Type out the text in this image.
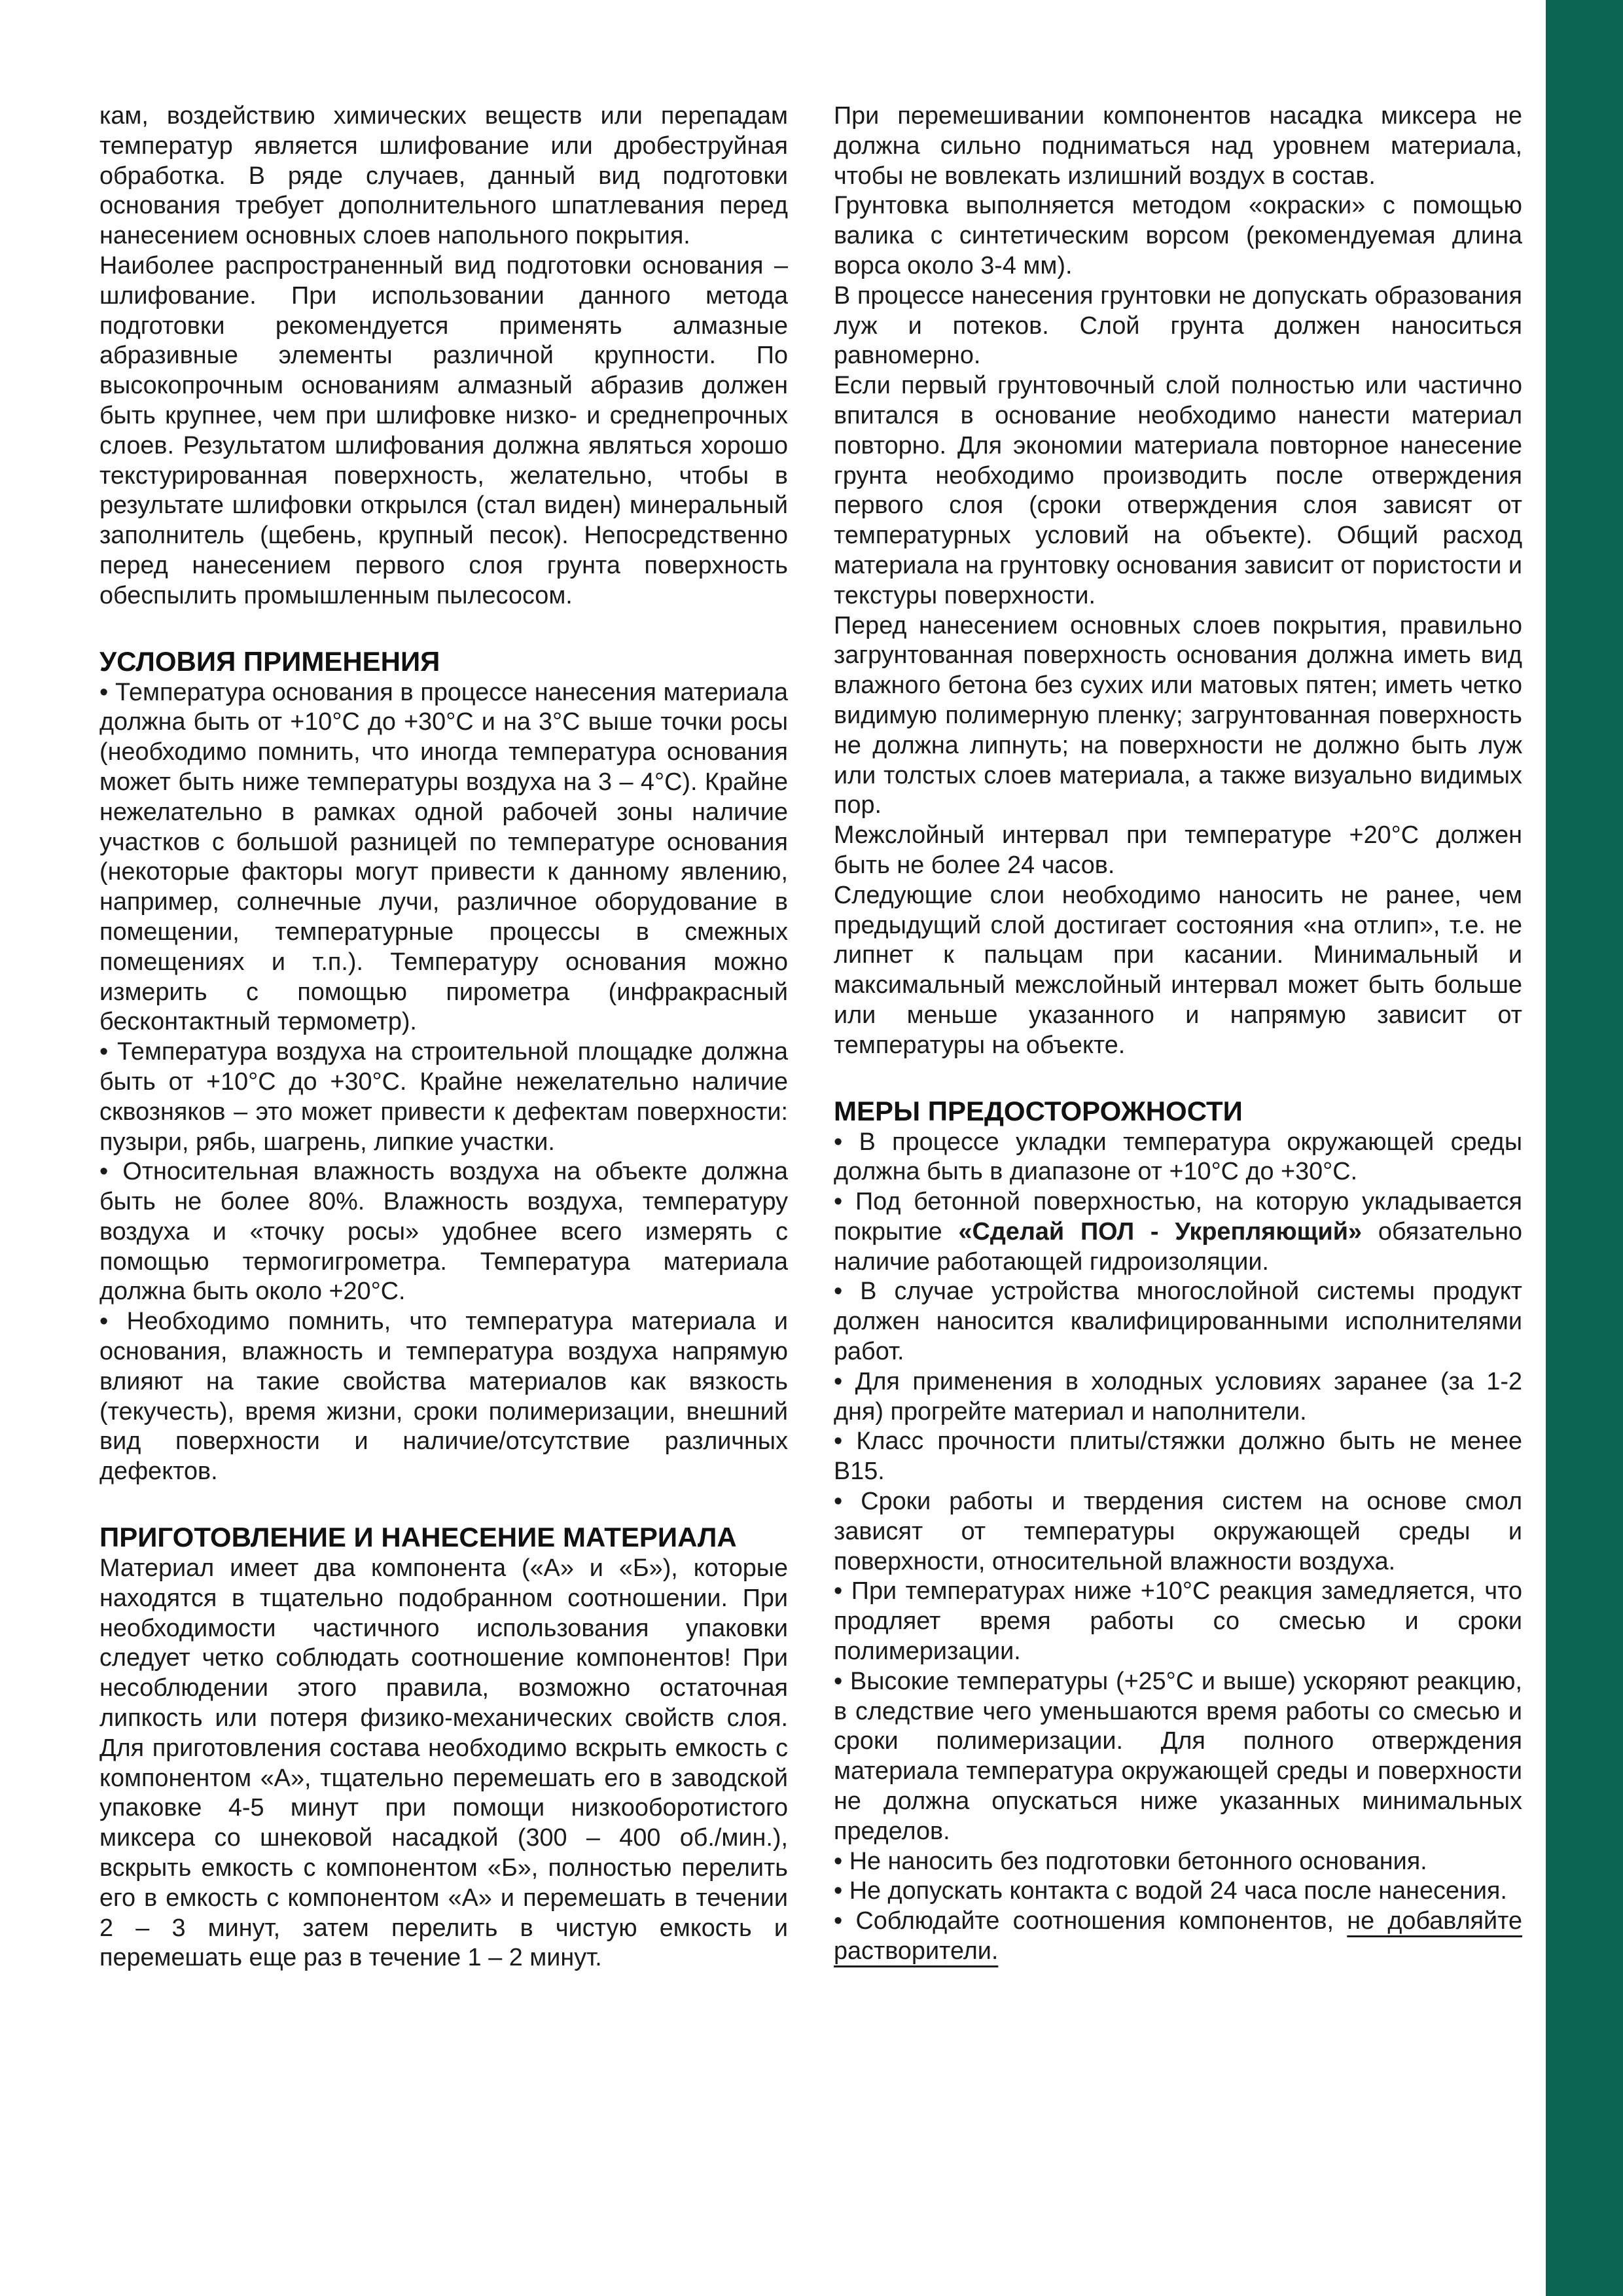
кам, воздействию химических веществ или перепадам температур является шлифование или дробеструйная обработка. В ряде случаев, данный вид подготовки основания требует дополнительного шпатлевания перед нанесением основных слоев напольного покрытия.

Наиболее распространенный вид подготовки основания – шлифование. При использовании данного метода подготовки рекомендуется применять алмазные абразивные элементы различной крупности. По высокопрочным основаниям алмазный абразив должен быть крупнее, чем при шлифовке низко- и среднепрочных слоев. Результатом шлифования должна являться хорошо текстурированная поверхность, желательно, чтобы в результате шлифовки открылся (стал виден) минеральный заполнитель (щебень, крупный песок). Непосредственно перед нанесением первого слоя грунта поверхность обеспылить промышленным пылесосом.

УСЛОВИЯ ПРИМЕНЕНИЯ

• Температура основания в процессе нанесения материала должна быть от +10°С до +30°С и на 3°С выше точки росы (необходимо помнить, что иногда температура основания может быть ниже температуры воздуха на 3 – 4°С). Крайне нежелательно в рамках одной рабочей зоны наличие участков с большой разницей по температуре основания (некоторые факторы могут привести к данному явлению, например, солнечные лучи, различное оборудование в помещении, температурные процессы в смежных помещениях и т.п.). Температуру основания можно измерить с помощью пирометра (инфракрасный бесконтактный термометр).

• Температура воздуха на строительной площадке должна быть от +10°С до +30°С. Крайне нежелательно наличие сквозняков – это может привести к дефектам поверхности: пузыри, рябь, шагрень, липкие участки.

• Относительная влажность воздуха на объекте должна быть не более 80%. Влажность воздуха, температуру воздуха и «точку росы» удобнее всего измерять с помощью термогигрометра. Температура материала должна быть около +20°С.

• Необходимо помнить, что температура материала и основания, влажность и температура воздуха напрямую влияют на такие свойства материалов как вязкость (текучесть), время жизни, сроки полимеризации, внешний вид поверхности и наличие/отсутствие различных дефектов.

ПРИГОТОВЛЕНИЕ И НАНЕСЕНИЕ МАТЕРИАЛА

Материал имеет два компонента («А» и «Б»), которые находятся в тщательно подобранном соотношении. При необходимости частичного использования упаковки следует четко соблюдать соотношение компонентов! При несоблюдении этого правила, возможно остаточная липкость или потеря физико-механических свойств слоя. Для приготовления состава необходимо вскрыть емкость с компонентом «А», тщательно перемешать его в заводской упаковке 4-5 минут при помощи низкооборотистого миксера со шнековой насадкой (300 – 400 об./мин.), вскрыть емкость с компонентом «Б», полностью перелить его в емкость с компонентом «А» и перемешать в течении 2 – 3 минут, затем перелить в чистую емкость и перемешать еще раз в течение 1 – 2 минут.

При перемешивании компонентов насадка миксера не должна сильно подниматься над уровнем материала, чтобы не вовлекать излишний воздух в состав.

Грунтовка выполняется методом «окраски» с помощью валика с синтетическим ворсом (рекомендуемая длина ворса около 3-4 мм).

В процессе нанесения грунтовки не допускать образования луж и потеков. Слой грунта должен наноситься равномерно.

Если первый грунтовочный слой полностью или частично впитался в основание необходимо нанести материал повторно. Для экономии материала повторное нанесение грунта необходимо производить после отверждения первого слоя (сроки отверждения слоя зависят от температурных условий на объекте). Общий расход материала на грунтовку основания зависит от пористости и текстуры поверхности.

Перед нанесением основных слоев покрытия, правильно загрунтованная поверхность основания должна иметь вид влажного бетона без сухих или матовых пятен; иметь четко видимую полимерную пленку; загрунтованная поверхность не должна липнуть; на поверхности не должно быть луж или толстых слоев материала, а также визуально видимых пор.

Межслойный интервал при температуре +20°С должен быть не более 24 часов.

Следующие слои необходимо наносить не ранее, чем предыдущий слой достигает состояния «на отлип», т.е. не липнет к пальцам при касании. Минимальный и максимальный межслойный интервал может быть больше или меньше указанного и напрямую зависит от температуры на объекте.

МЕРЫ ПРЕДОСТОРОЖНОСТИ

• В процессе укладки температура окружающей среды должна быть в диапазоне от +10°С до +30°С.

• Под бетонной поверхностью, на которую укладывается покрытие «Сделай ПОЛ - Укрепляющий» обязательно наличие работающей гидроизоляции.

• В случае устройства многослойной системы продукт должен наносится квалифицированными исполнителями работ.

• Для применения в холодных условиях заранее (за 1-2 дня) прогрейте материал и наполнители.

• Класс прочности плиты/стяжки должно быть не менее В15.

• Сроки работы и твердения систем на основе смол зависят от температуры окружающей среды и поверхности, относительной влажности воздуха.

• При температурах ниже +10°С реакция замедляется, что продляет время работы со смесью и сроки полимеризации.

• Высокие температуры (+25°С и выше) ускоряют реакцию, в следствие чего уменьшаются время работы со смесью и сроки полимеризации. Для полного отверждения материала температура окружающей среды и поверхности не должна опускаться ниже указанных минимальных пределов.

• Не наносить без подготовки бетонного основания.

• Не допускать контакта с водой 24 часа после нанесения.

• Соблюдайте соотношения компонентов, не добавляйте растворители.
